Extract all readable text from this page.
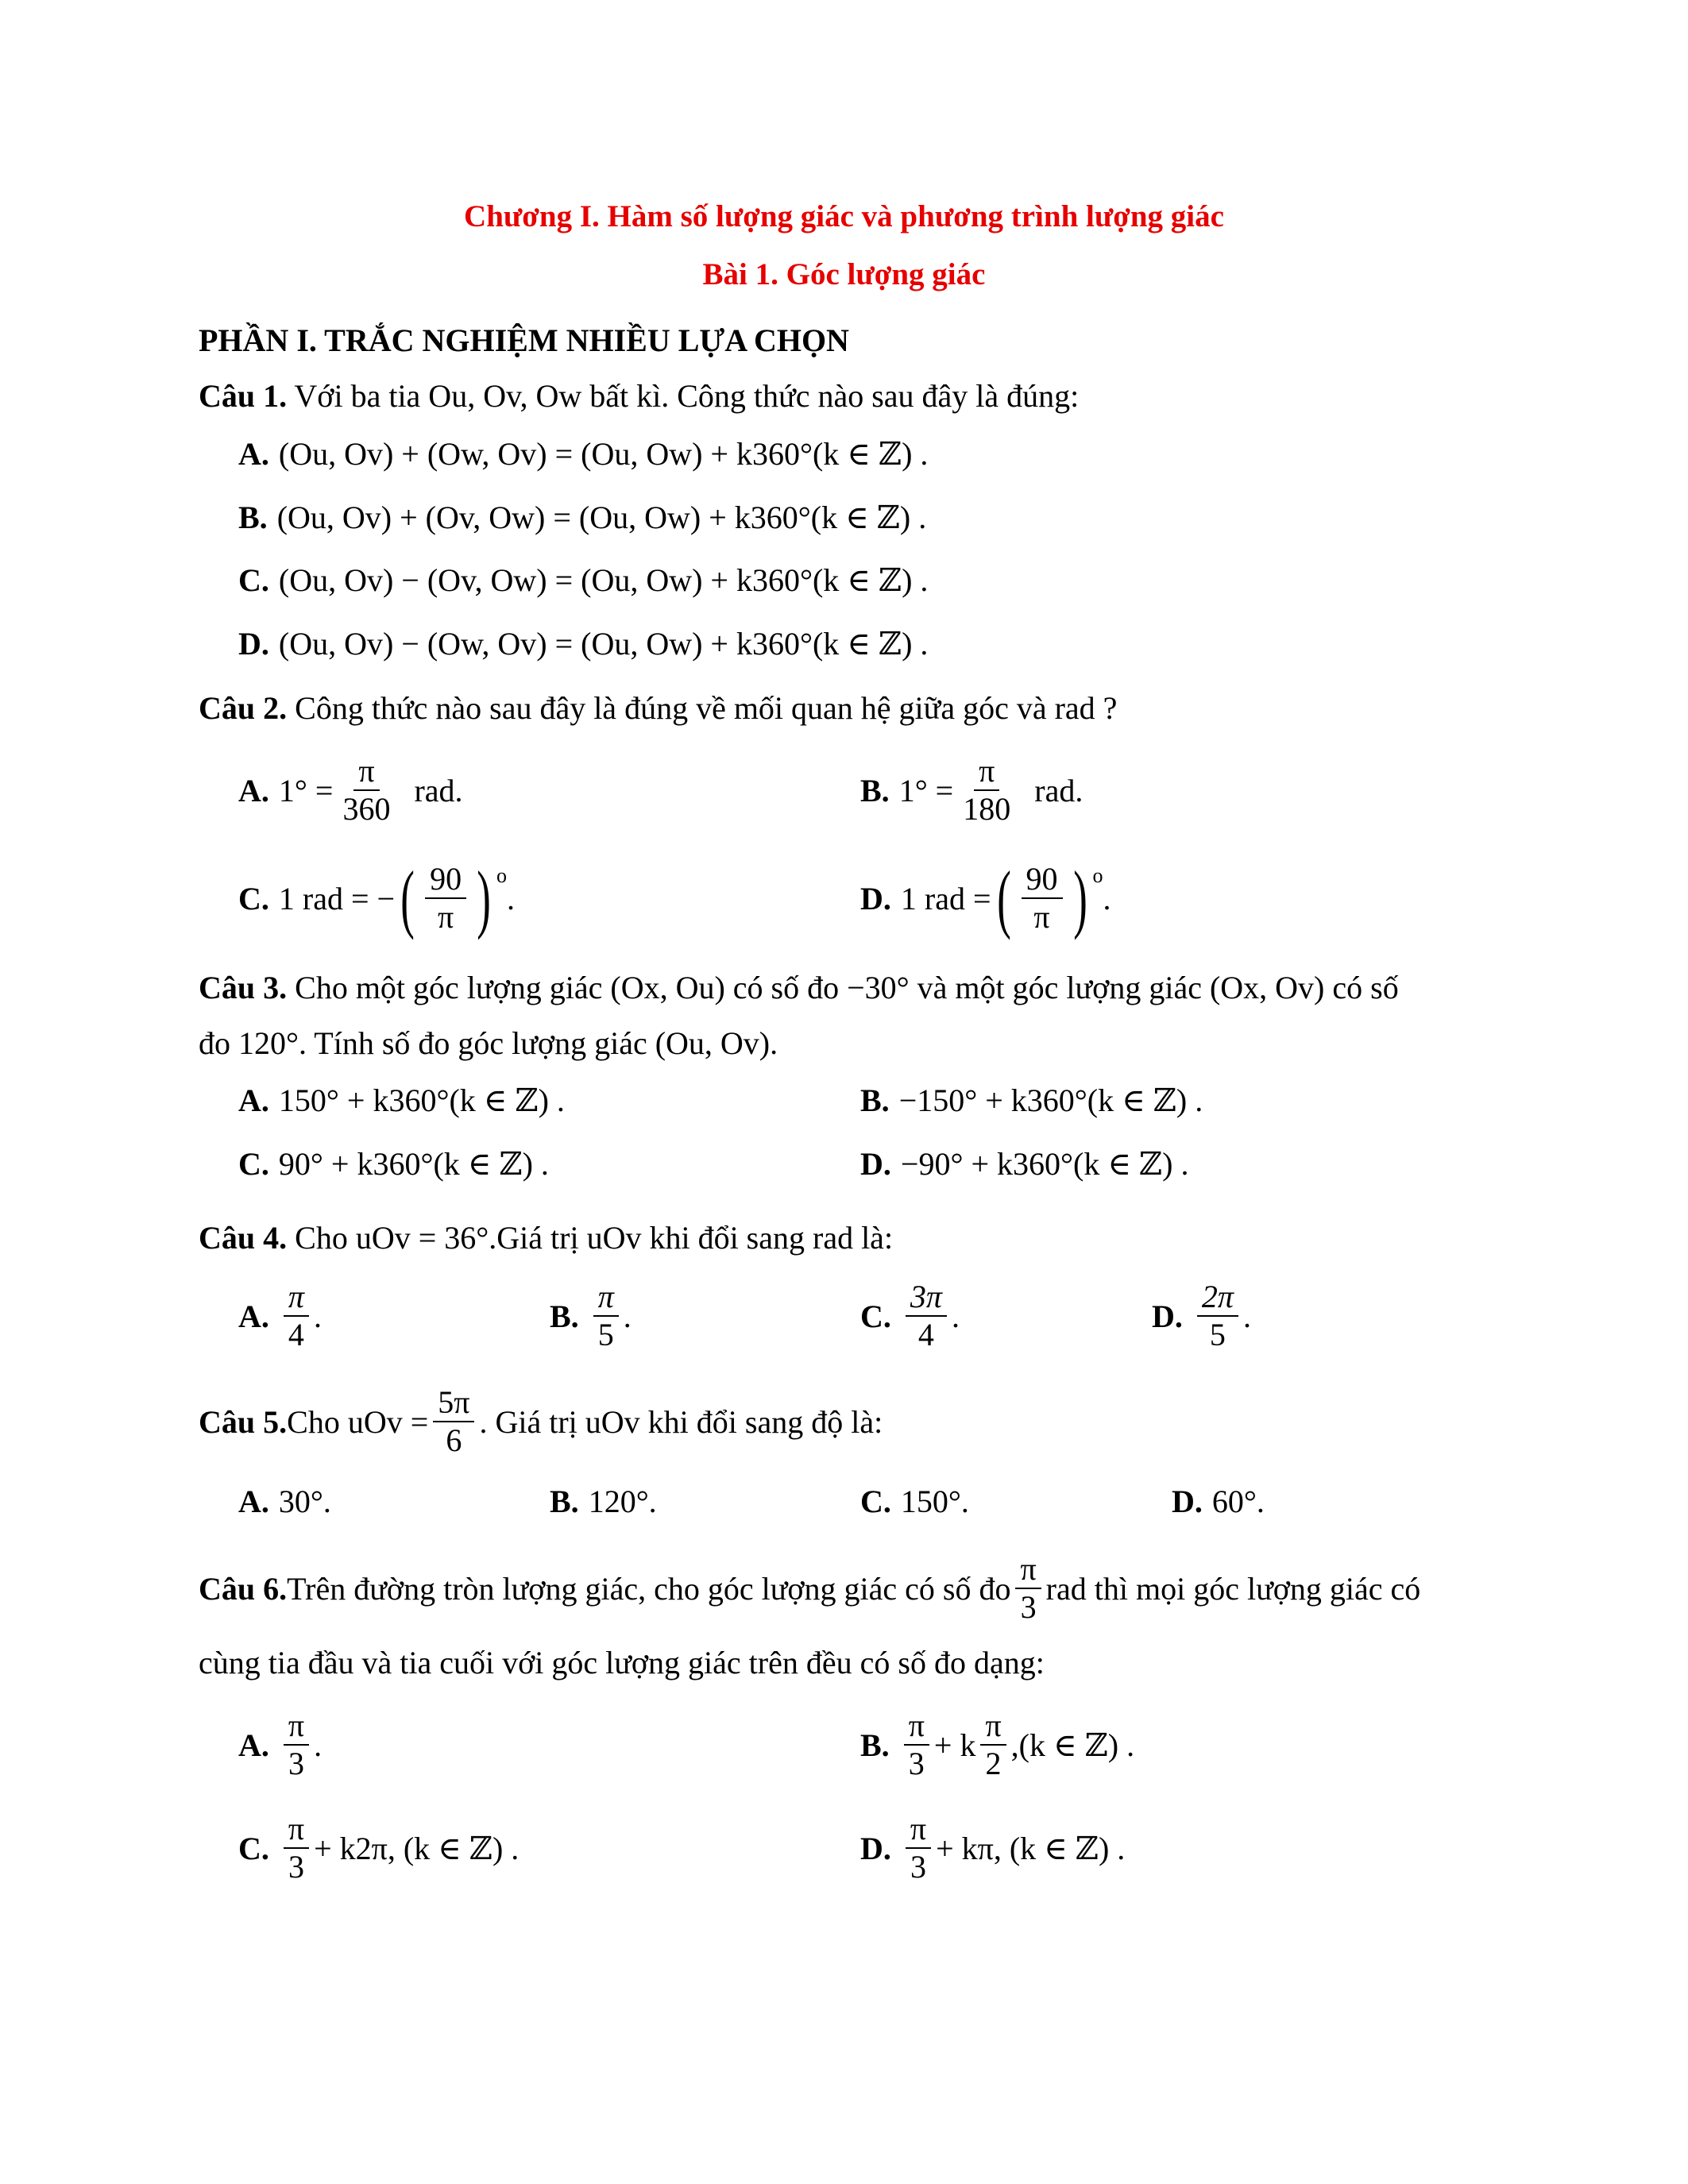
Chương I. Hàm số lượng giác và phương trình lượng giác
Bài 1. Góc lượng giác
PHẦN I. TRẮC NGHIỆM NHIỀU LỰA CHỌN
Câu 1. Với ba tia Ou, Ov, Ow bất kì. Công thức nào sau đây là đúng:
A. (Ou, Ov) + (Ow, Ov) = (Ou, Ow) + k360°(k ∈ ℤ) .
B. (Ou, Ov) + (Ov, Ow) = (Ou, Ow) + k360°(k ∈ ℤ) .
C. (Ou, Ov) − (Ov, Ow) = (Ou, Ow) + k360°(k ∈ ℤ) .
D. (Ou, Ov) − (Ow, Ov) = (Ou, Ow) + k360°(k ∈ ℤ) .
Câu 2. Công thức nào sau đây là đúng về mối quan hệ giữa góc và rad ?
A. $1^\circ = \frac{\pi}{360}$ rad.	B. $1^\circ = \frac{\pi}{180}$ rad.
C. 1 rad = − ( $\frac{90}{\pi}$ ) o
.	D. 1 rad = ( $\frac{90}{\pi}$ ) o
.
Câu 3. Cho một góc lượng giác (Ox, Ou) có số đo −30° và một góc lượng giác (Ox, Ov) có số
đo 120°. Tính số đo góc lượng giác (Ou, Ov).
A. 150° + k360°(k ∈ ℤ) .	B. −150° + k360°(k ∈ ℤ) .
C. 90° + k360°(k ∈ ℤ) .	D. −90° + k360°(k ∈ ℤ) .
Câu 4. Cho uOv = 36°.Giá trị uOv khi đổi sang rad là:
A. $\frac{\pi}{4}$ .	B. $\frac{\pi}{5}$ .	C. $\frac{3\pi}{4}$ .	D. $\frac{2\pi}{5}$ .
Câu 5. Cho uOv = $\frac{5\pi}{6}$ . Giá trị uOv khi đổi sang độ là:
A. 30°.	B. 120°.	C. 150°.	D. 60°.
Câu 6. Trên đường tròn lượng giác, cho góc lượng giác có số đo $\frac{\pi}{3}$ rad thì mọi góc lượng giác có
cùng tia đầu và tia cuối với góc lượng giác trên đều có số đo dạng:
A. $\frac{\pi}{3}$ .	B. $\frac{\pi}{3} + k \frac{\pi}{2} ,(k$ ∈ ℤ) .
C. $\frac{\pi}{3} + k2\pi$, (k ∈ ℤ) .	D. $\frac{\pi}{3} + k\pi$, (k ∈ ℤ) .
